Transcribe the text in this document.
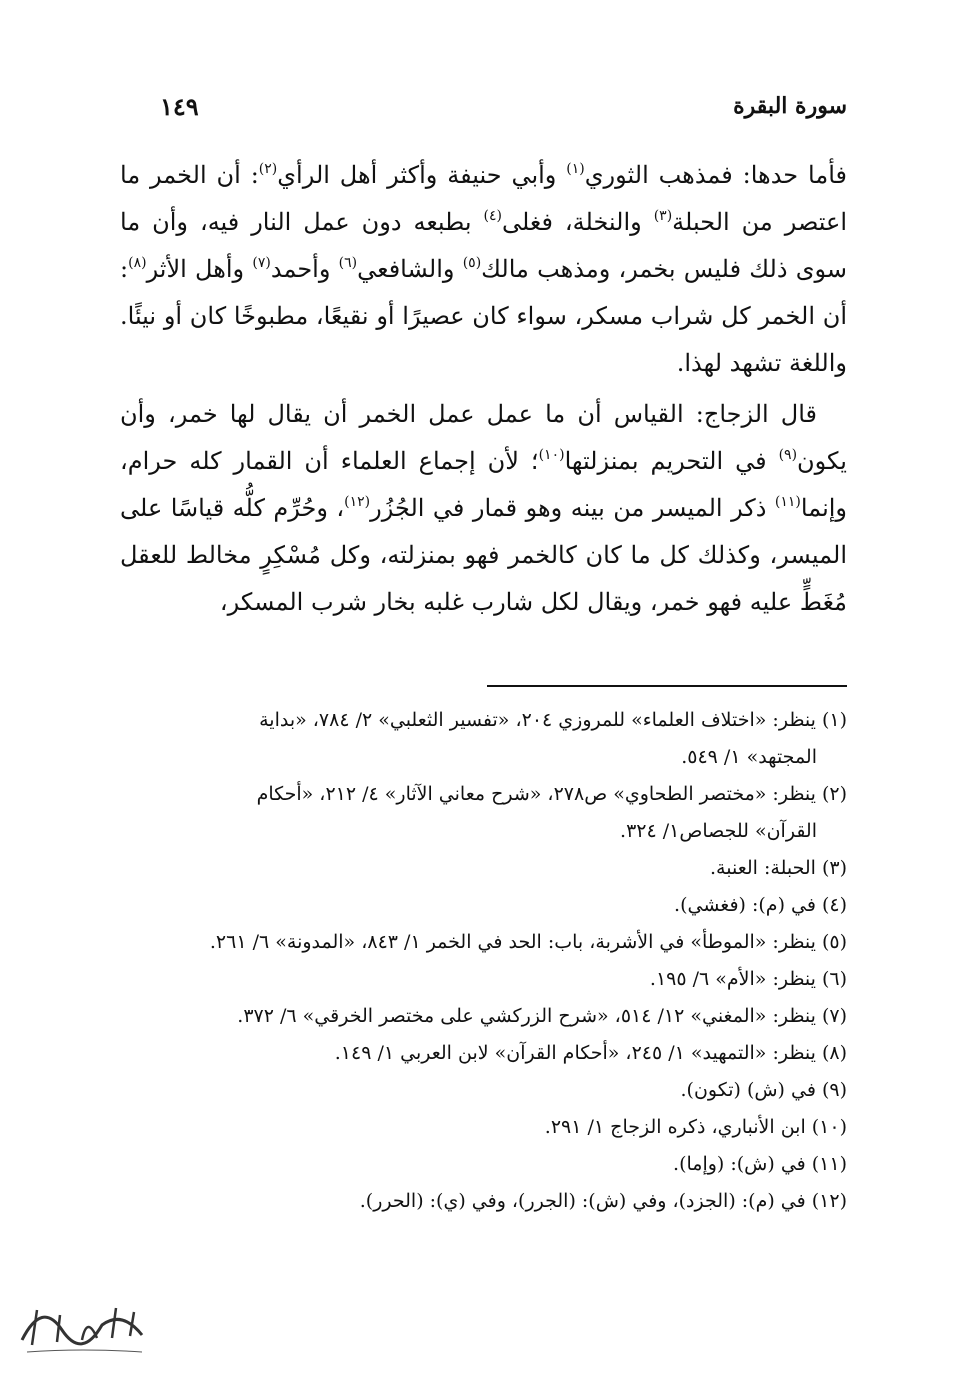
سورة البقرة
١٤٩

فأما حدها: فمذهب الثوري$^{(١)}$ وأبي حنيفة وأكثر أهل الرأي$^{(٢)}$: أن الخمر ما اعتصر من الحبلة$^{(٣)}$ والنخلة، فغلى$^{(٤)}$ بطبعه دون عمل النار فيه، وأن ما سوى ذلك فليس بخمر، ومذهب مالك$^{(٥)}$ والشافعي$^{(٦)}$ وأحمد$^{(٧)}$ وأهل الأثر$^{(٨)}$: أن الخمر كل شراب مسكر، سواء كان عصيرًا أو نقيعًا، مطبوخًا كان أو نيئًا. واللغة تشهد لهذا.

قال الزجاج: القياس أن ما عمل عمل الخمر أن يقال لها خمر، وأن يكون$^{(٩)}$ في التحريم بمنزلتها$^{(١٠)}$؛ لأن إجماع العلماء أن القمار كله حرام، وإنما$^{(١١)}$ ذكر الميسر من بينه وهو قمار في الجُزُر$^{(١٢)}$، وحُرِّم كلُّه قياسًا على الميسر، وكذلك كل ما كان كالخمر فهو بمنزلته، وكل مُسْكِرٍ مخالط للعقل مُغَطٍّ عليه فهو خمر، ويقال لكل شارب غلبه بخار شرب المسكر،

(١)ينظر: «اختلاف العلماء» للمروزي ٢٠٤، «تفسير الثعلبي» ٢/ ٧٨٤، «بداية
المجتهد» ١/ ٥٤٩.
(٢)ينظر: «مختصر الطحاوي» ص٢٧٨، «شرح معاني الآثار» ٤/ ٢١٢، «أحكام
القرآن» للجصاص١/ ٣٢٤.
(٣)الحبلة: العنبة.
(٤)في (م): (فغشي).
(٥)ينظر: «الموطأ» في الأشربة، باب: الحد في الخمر ١/ ٨٤٣، «المدونة» ٦/ ٢٦١.
(٦)ينظر: «الأم» ٦/ ١٩٥.
(٧)ينظر: «المغني» ١٢/ ٥١٤، «شرح الزركشي على مختصر الخرقي» ٦/ ٣٧٢.
(٨)ينظر: «التمهيد» ١/ ٢٤٥، «أحكام القرآن» لابن العربي ١/ ١٤٩.
(٩)في (ش) (تكون).
(١٠)ابن الأنباري، ذكره الزجاج ١/ ٢٩١.
(١١)في (ش): (وإما).
(١٢)في (م): (الجزد)، وفي (ش): (الجرر)، وفي (ي): (الحرر).
